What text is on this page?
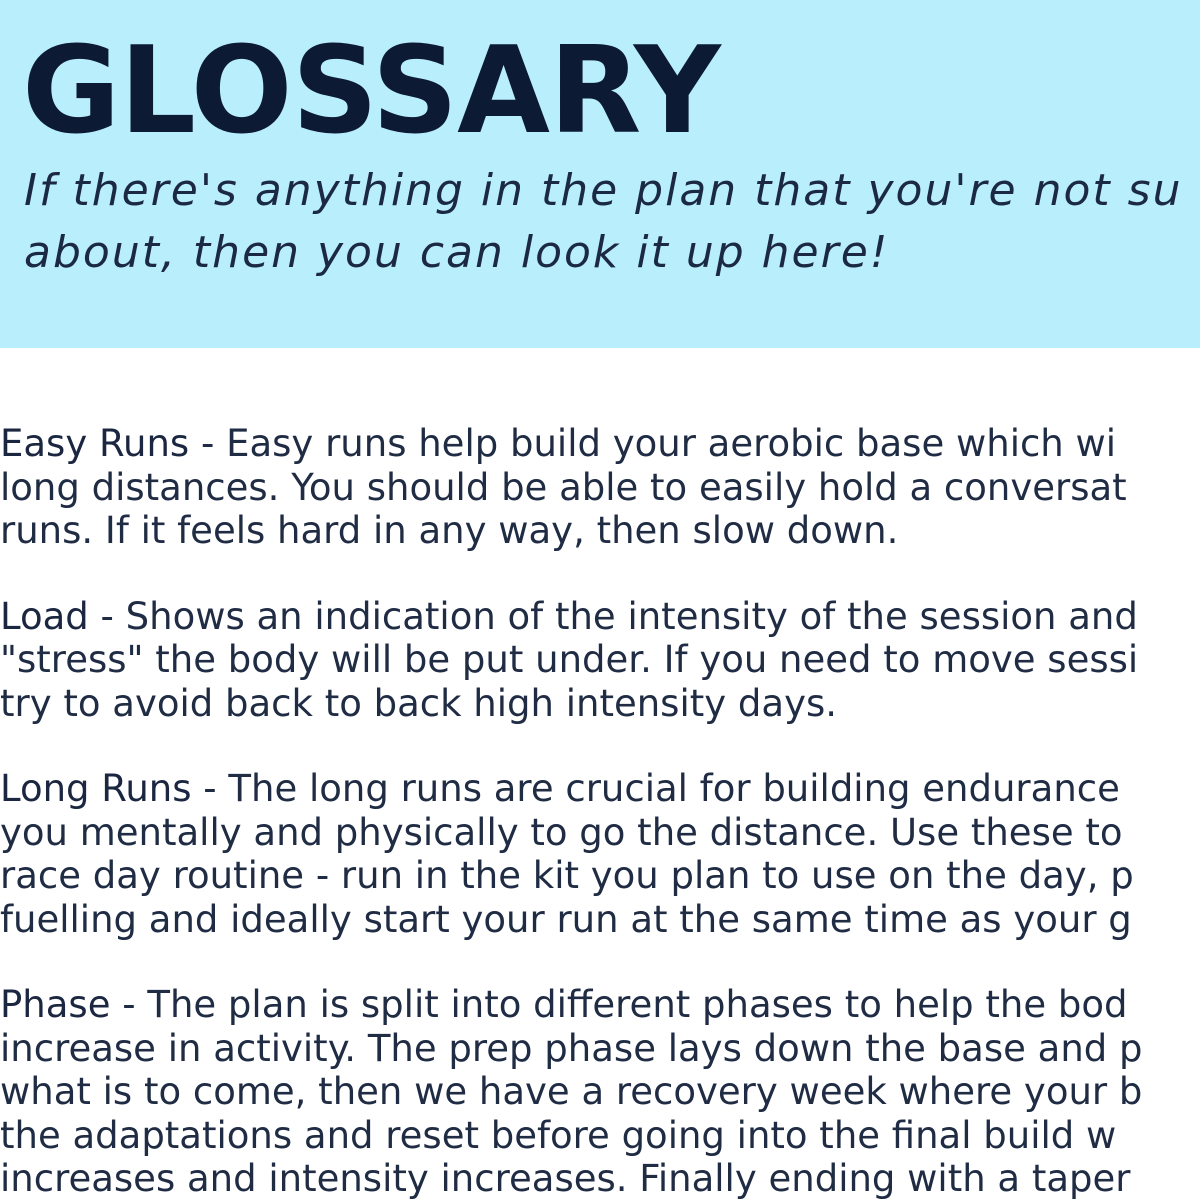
GLOSSARY

If there's anything in the plan that you're not su
about, then you can look it up here!

Easy Runs - Easy runs help build your aerobic base which wi
long distances. You should be able to easily hold a conversat
runs. If it feels hard in any way, then slow down.

Load - Shows an indication of the intensity of the session and
"stress" the body will be put under. If you need to move sessi
try to avoid back to back high intensity days.

Long Runs - The long runs are crucial for building endurance
you mentally and physically to go the distance. Use these to
race day routine - run in the kit you plan to use on the day, p
fuelling and ideally start your run at the same time as your g

Phase - The plan is split into different phases to help the bod
increase in activity. The prep phase lays down the base and p
what is to come, then we have a recovery week where your b
the adaptations and reset before going into the final build w
increases and intensity increases. Finally ending with a taper
